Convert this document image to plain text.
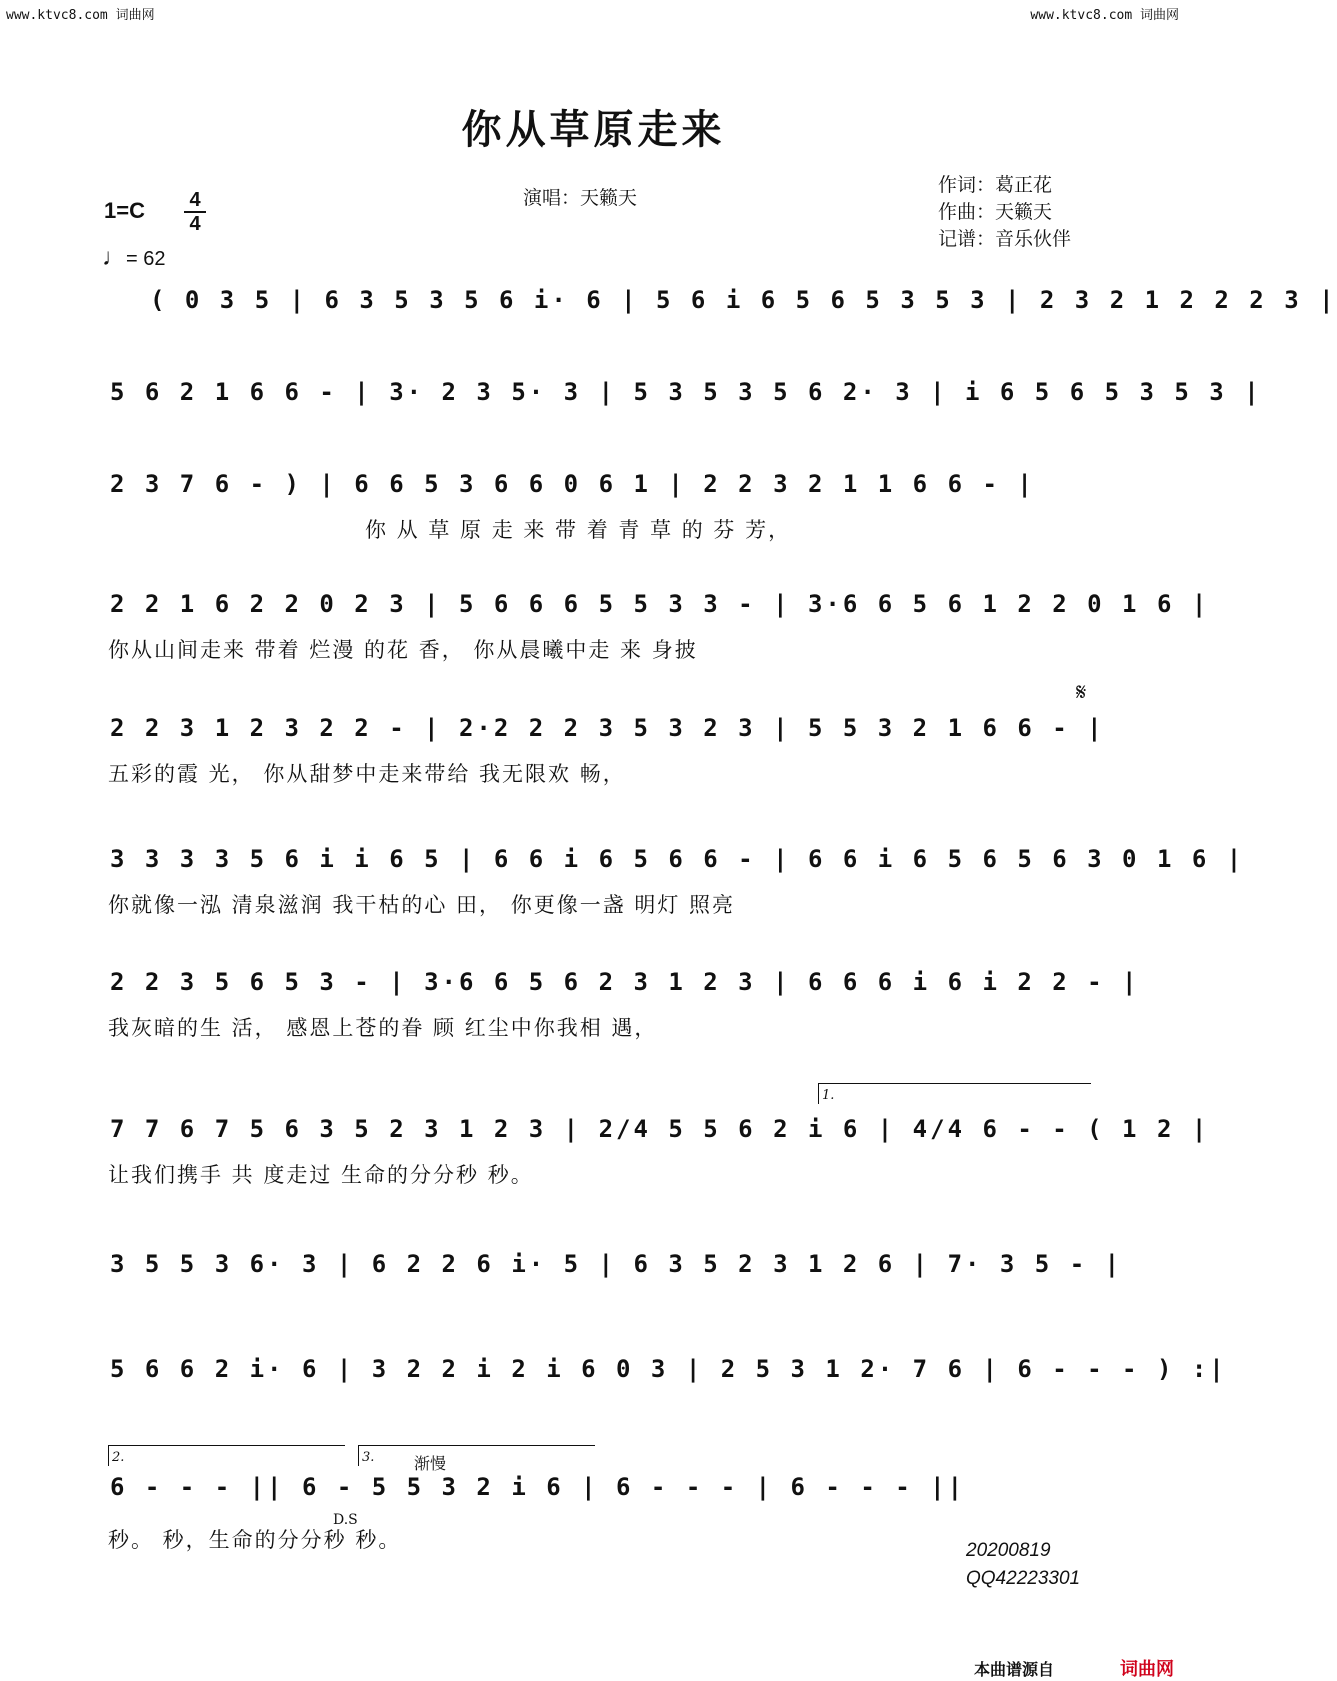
www.ktvc8.com 词曲网	www.ktvc8.com 词曲网
你从草原走来
演唱：天籁天
作词：葛正花
作曲：天籁天
记谱：音乐伙伴
1=C 4
4
♩= 62
( 0 3 5 | 6 3 5 3 5 6 i· 6 | 5 6 i 6 5 6 5 3 5 3 | 2 3 2 1 2 2 2 3 |
5 6 2 1 6 6 - | 3· 2 3 5· 3 | 5 3 5 3 5 6 2· 3 | i 6 5 6 5 3 5 3 |
2 3 7 6 - ) | 6 6 5 3 6 6 0 6 1 | 2 2 3 2 1 1 6 6 - |
你 从 草 原 走 来 带 着 青 草 的 芬 芳，
2 2 1 6 2 2 0 2 3 | 5 6 6 6 5 5 3 3 - | 3·6 6 5 6 1 2 2 0 1 6 |
你从山间走来 带着 烂漫 的花 香， 你从晨曦中走 来 身披
2 2 3 1 2 3 2 2 - | 2·2 2 2 3 5 3 2 3 | 5 5 3 2 1 6 6 - |
五彩的霞 光， 你从甜梦中走来带给 我无限欢 畅，
3 3 3 3 5 6 i i 6 5 | 6 6 i 6 5 6 6 - | 6 6 i 6 5 6 5 6 3 0 1 6 |
你就像一泓 清泉滋润 我干枯的心 田， 你更像一盏 明灯 照亮
2 2 3 5 6 5 3 - | 3·6 6 5 6 2 3 1 2 3 | 6 6 6 i 6 i 2 2 - |
我灰暗的生 活， 感恩上苍的眷 顾 红尘中你我相 遇，
7 7 6 7 5 6 3 5 2 3 1 2 3 | 2/4 5 5 6 2 i 6 | 4/4 6 - - ( 1 2 |
让我们携手 共 度走过 生命的分分秒 秒。
3 5 5 3 6· 3 | 6 2 2 6 i· 5 | 6 3 5 2 3 1 2 6 | 7· 3 5 - |
5 6 6 2 i· 6 | 3 2 2 i 2 i 6 0 3 | 2 5 3 1 2· 7 6 | 6 - - - ) :|
6 - - - || 6 - 5 5 3 2 i 6 | 6 - - - | 6 - - - ||
秒。 秒，生命的分分秒 秒。
𝄋
1.
2.	3.	渐慢
D.S
20200819
QQ42223301
本曲谱源自	词曲网
